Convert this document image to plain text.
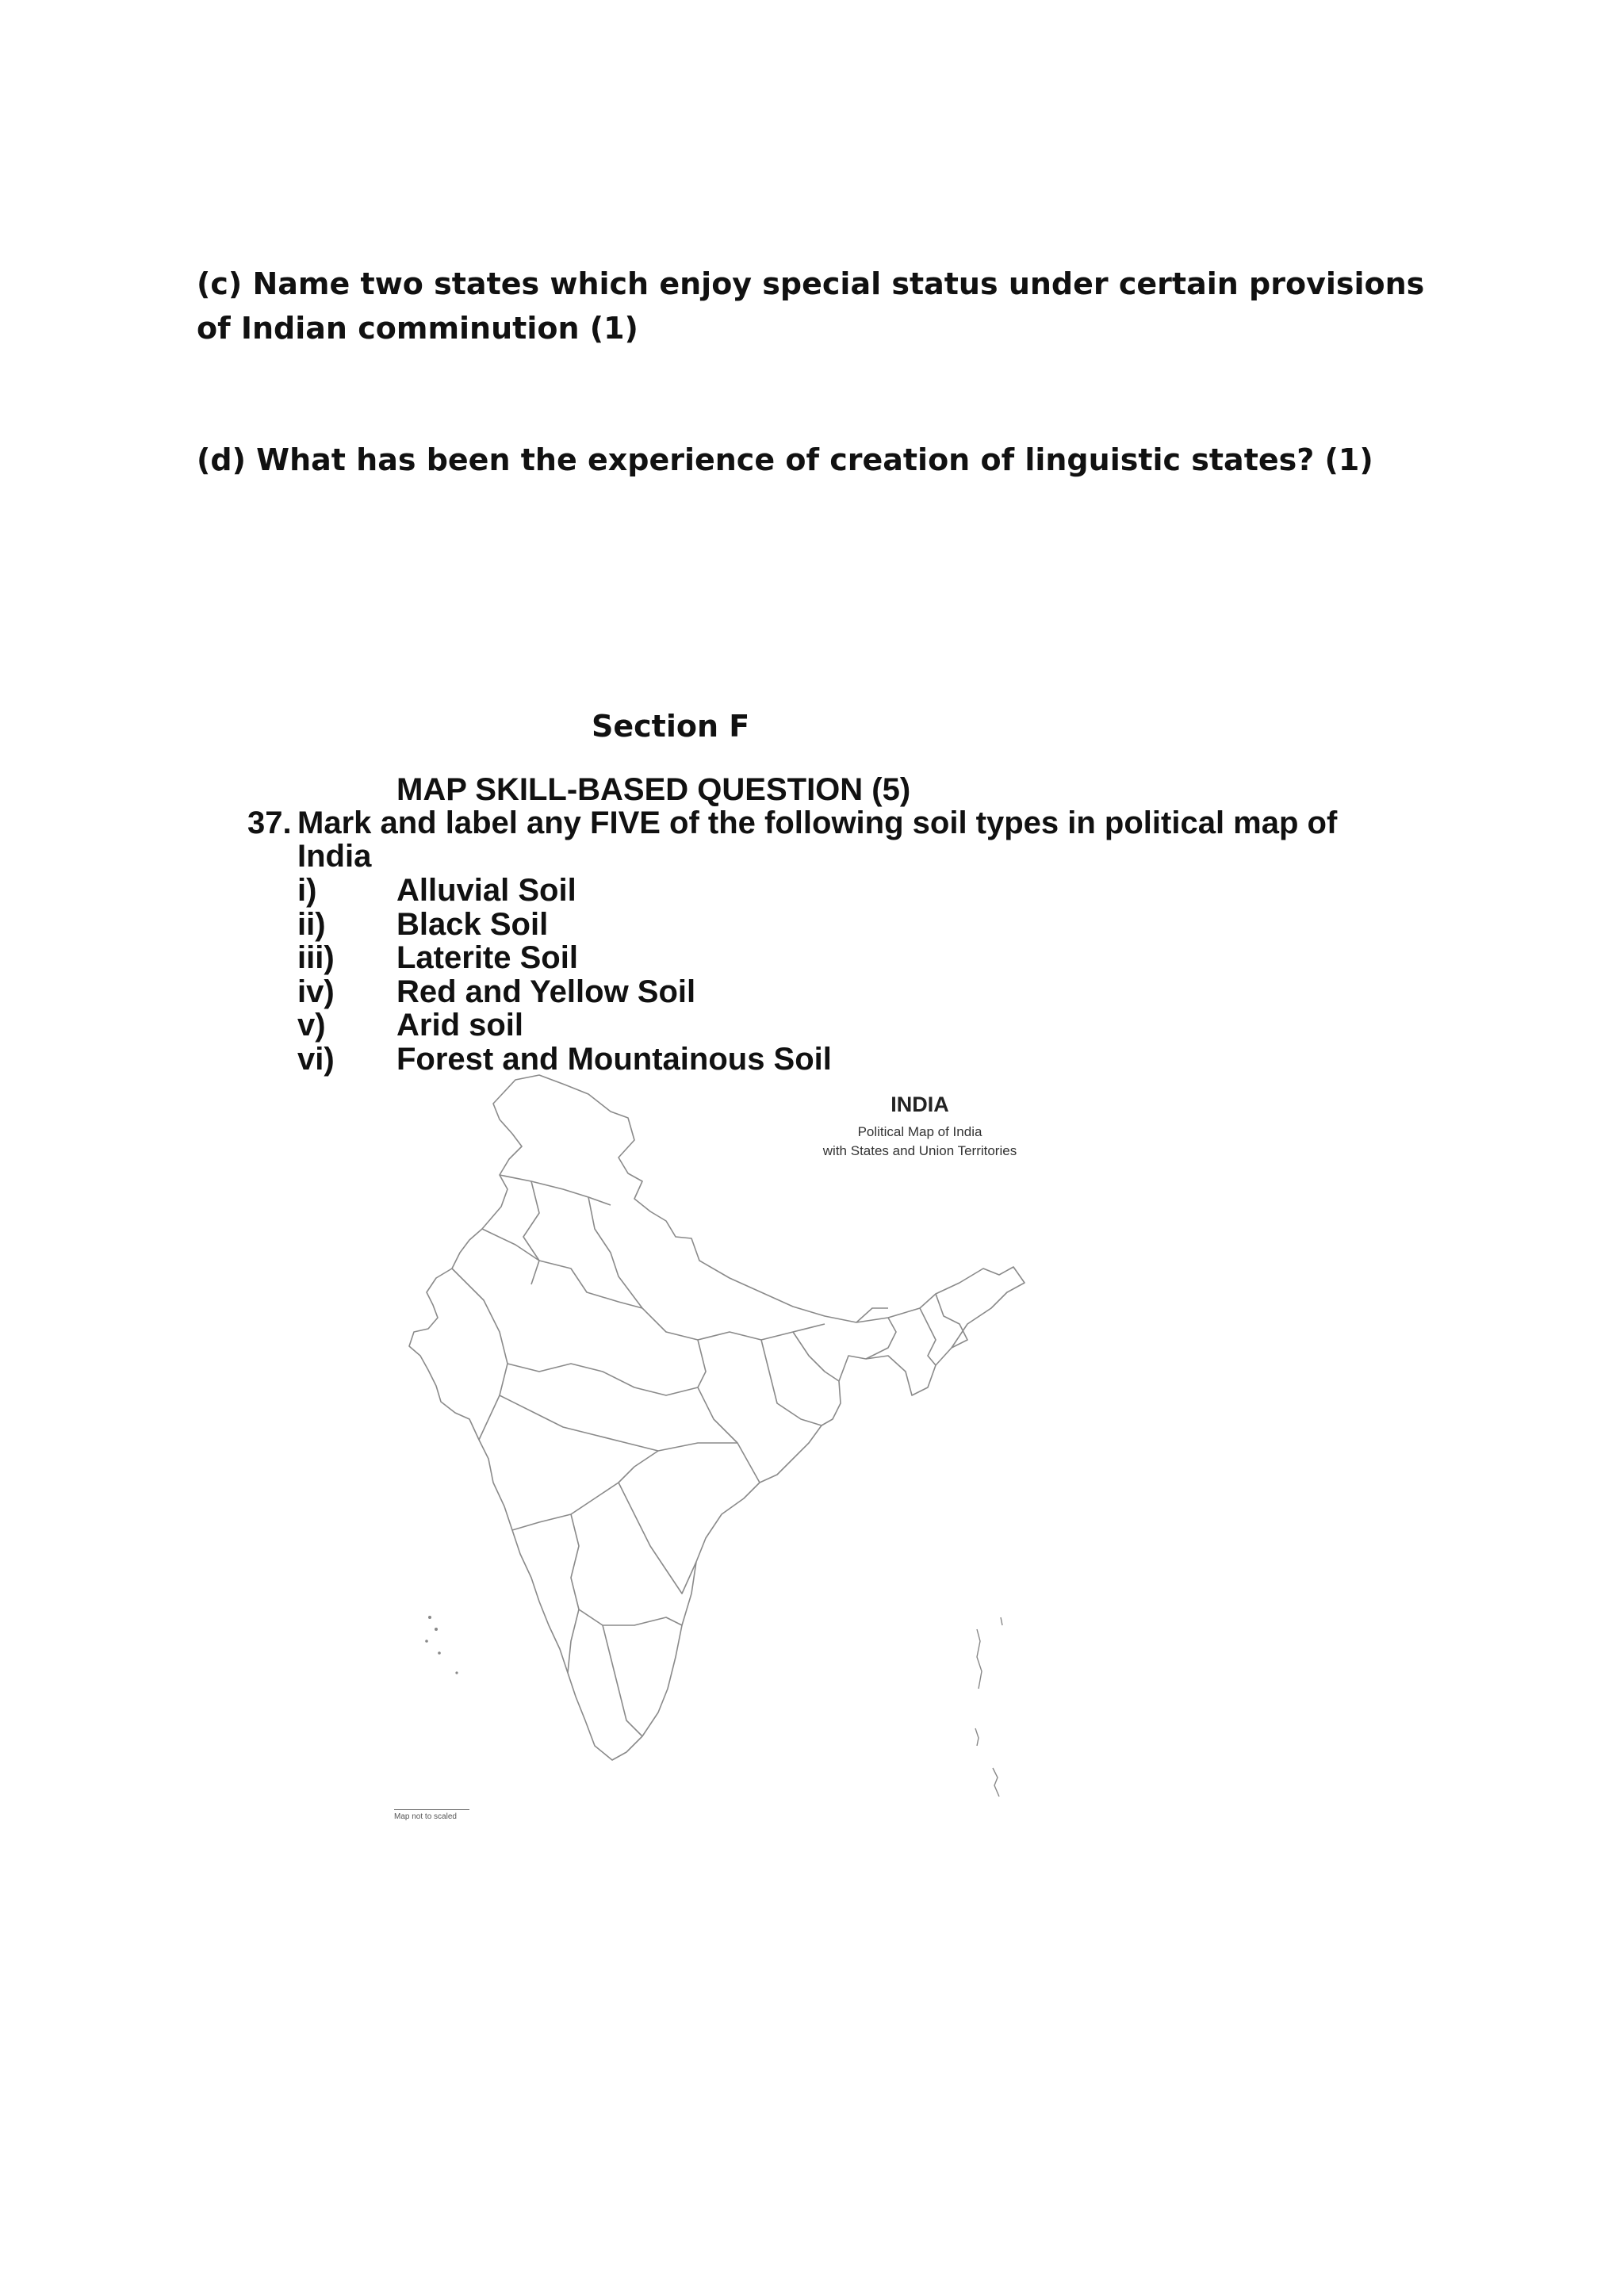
(c) Name two states which enjoy special status under certain provisions of Indian comminution (1)

(d) What has been the experience of creation of linguistic states? (1)

Section F

MAP SKILL-BASED QUESTION (5)

37. Mark and label any FIVE of the following soil types in political map of India

i)	Alluvial Soil
ii) Black Soil
iii) Laterite Soil
iv) Red and Yellow Soil
v) Arid soil
vi) Forest and Mountainous Soil
INDIA
Political Map of India
with States and Union Territories
Map not to scaled
